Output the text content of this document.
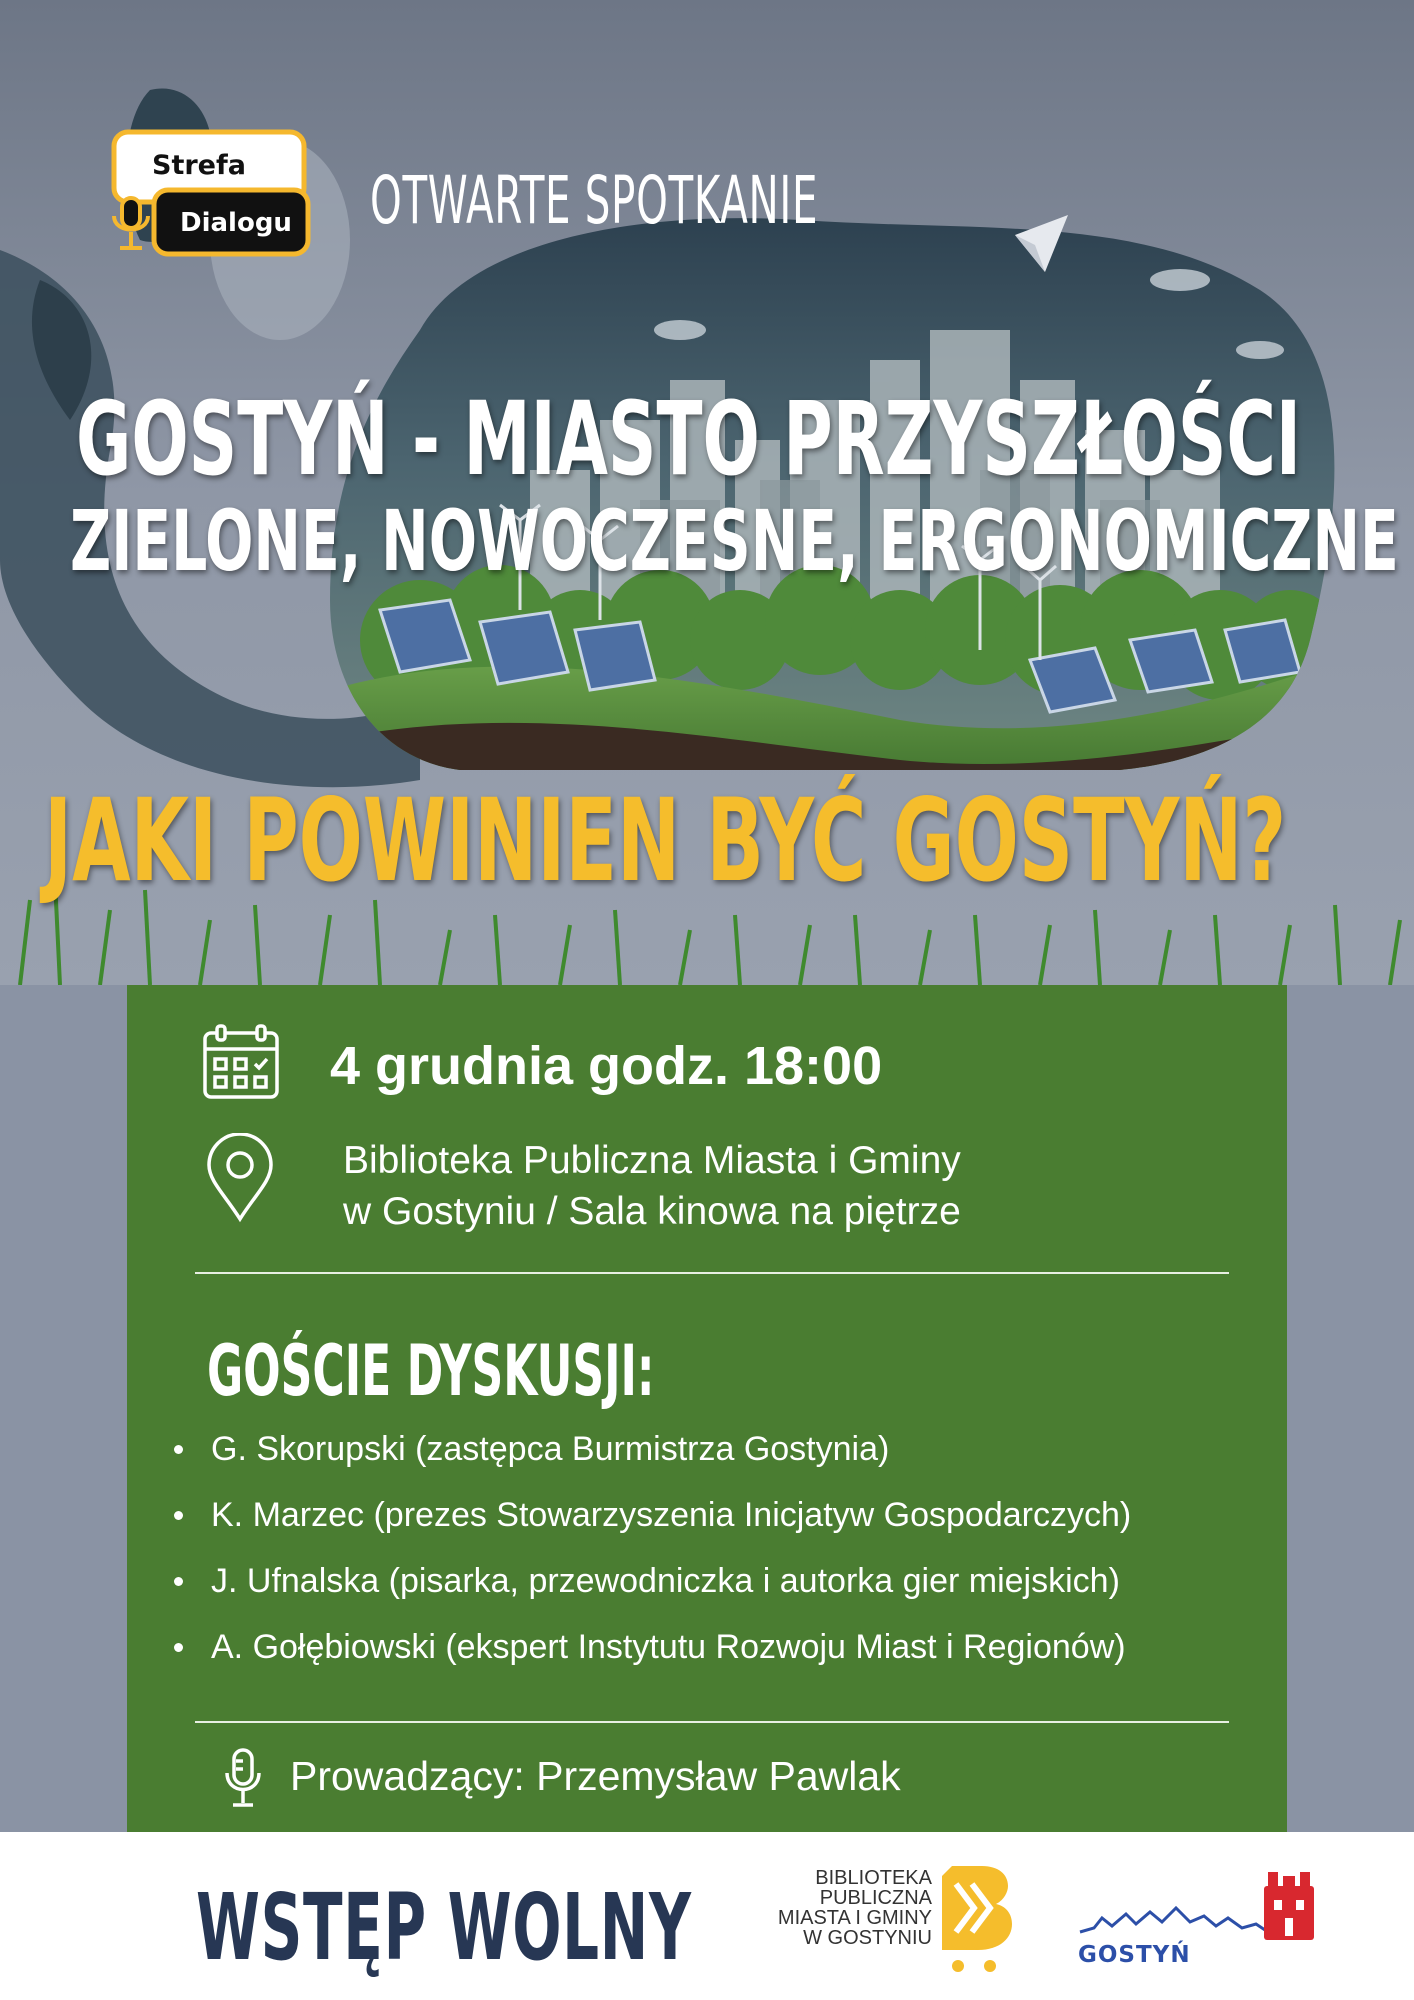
Strefa
Dialogu OTWARTE SPOTKANIE
GOSTYŃ - MIASTO PRZYSZŁOŚCI
ZIELONE, NOWOCZESNE, ERGONOMICZNE
JAKI POWINIEN BYĆ GOSTYŃ?
4 grudnia godz. 18:00
Biblioteka Publiczna Miasta i Gminy
w Gostyniu / Sala kinowa na piętrze
GOŚCIE DYSKUSJI:
G. Skorupski (zastępca Burmistrza Gostynia)
K. Marzec (prezes Stowarzyszenia Inicjatyw Gospodarczych)
J. Ufnalska (pisarka, przewodniczka i autorka gier miejskich)
A. Gołębiowski (ekspert Instytutu Rozwoju Miast i Regionów)
Prowadzący: Przemysław Pawlak
WSTĘP WOLNY	BIBLIOTEKA
PUBLICZNA
MIASTA I GMINY
W GOSTYNIU
GOSTYŃ
